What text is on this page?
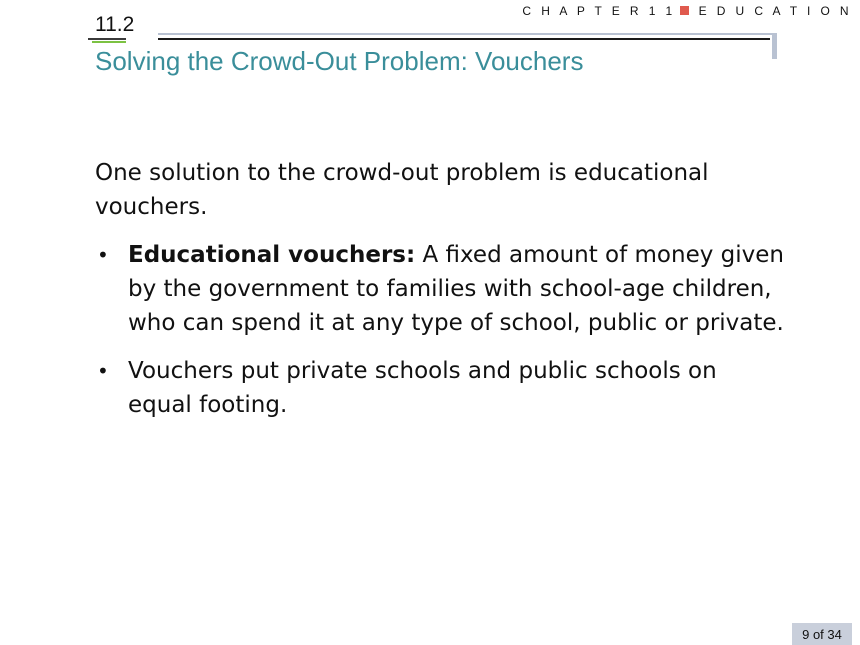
C H A P T E R 1 1 E D U C A T I O N
11.2
Solving the Crowd-Out Problem: Vouchers

One solution to the crowd-out problem is educational vouchers.

• Educational vouchers: A fixed amount of money given by the government to families with school-age children, who can spend it at any type of school, public or private.
• Vouchers put private schools and public schools on equal footing.
9 of 34
